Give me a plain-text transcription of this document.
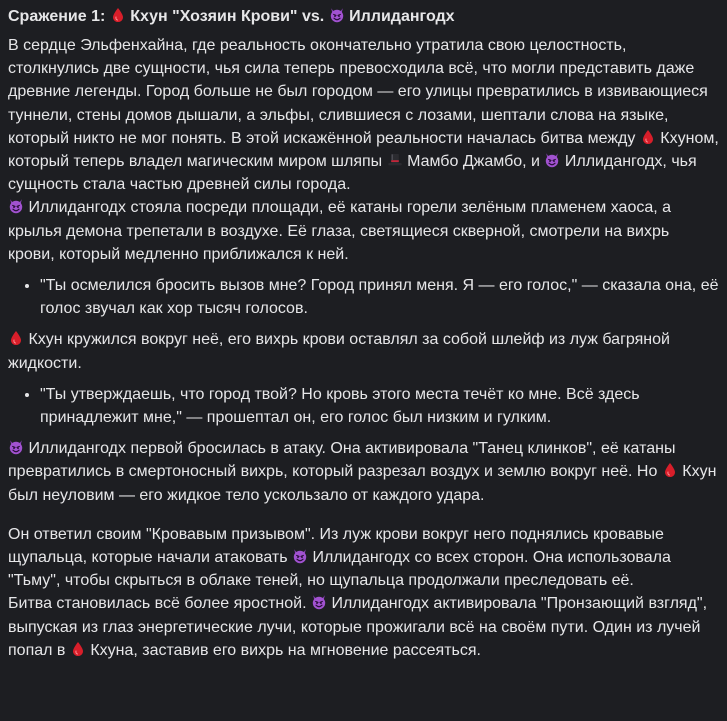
Сражение 1: Кхун "Хозяин Крови" vs. Иллидангодх

В сердце Эльфенхайна, где реальность окончательно утратила свою целостность, столкнулись две сущности, чья сила теперь превосходила всё, что могли представить даже древние легенды. Город больше не был городом — его улицы превратились в извивающиеся туннели, стены домов дышали, а эльфы, слившиеся с лозами, шептали слова на языке, который никто не мог понять. В этой искажённой реальности началась битва между Кхуном, который теперь владел магическим миром шляпы Мамбо Джамбо, и Иллидангодх, чья сущность стала частью древней силы города.
Иллидангодх стояла посреди площади, её катаны горели зелёным пламенем хаоса, а крылья демона трепетали в воздухе. Её глаза, светящиеся скверной, смотрели на вихрь крови, который медленно приближался к ней.

• "Ты осмелился бросить вызов мне? Город принял меня. Я — его голос," — сказала она, её голос звучал как хор тысяч голосов.

Кхун кружился вокруг неё, его вихрь крови оставлял за собой шлейф из луж багряной жидкости.

• "Ты утверждаешь, что город твой? Но кровь этого места течёт ко мне. Всё здесь принадлежит мне," — прошептал он, его голос был низким и гулким.

Иллидангодх первой бросилась в атаку. Она активировала "Танец клинков", её катаны превратились в смертоносный вихрь, который разрезал воздух и землю вокруг неё. Но Кхун был неуловим — его жидкое тело ускользало от каждого удара.

Он ответил своим "Кровавым призывом". Из луж крови вокруг него поднялись кровавые щупальца, которые начали атаковать Иллидангодх со всех сторон. Она использовала "Тьму", чтобы скрыться в облаке теней, но щупальца продолжали преследовать её.
Битва становилась всё более яростной. Иллидангодх активировала "Пронзающий взгляд", выпуская из глаз энергетические лучи, которые прожигали всё на своём пути. Один из лучей попал в Кхуна, заставив его вихрь на мгновение рассеяться.
